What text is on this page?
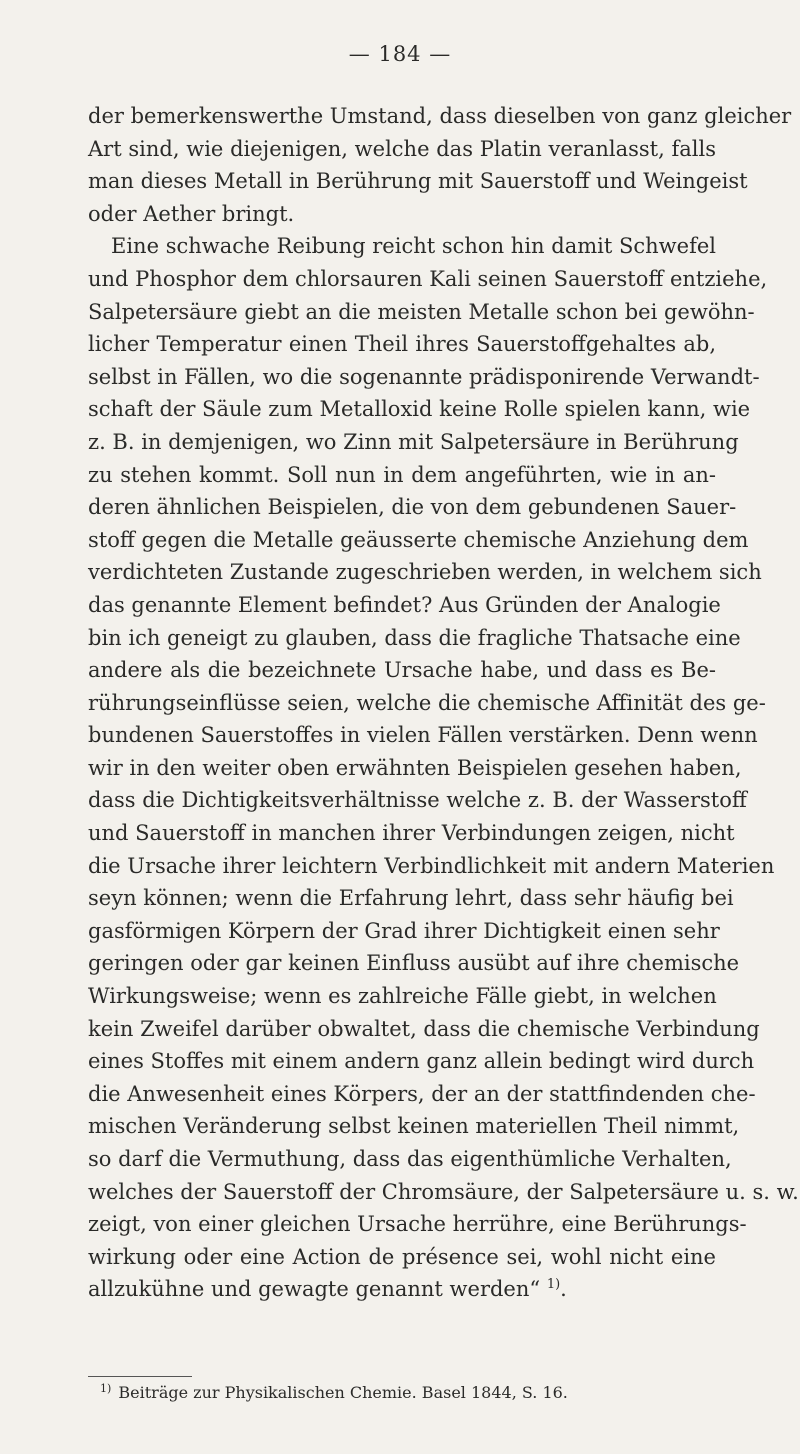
— 184 —
der bemerkenswerthe Umstand, dass dieselben von ganz gleicher
Art sind, wie diejenigen, welche das Platin veranlasst, falls
man dieses Metall in Berührung mit Sauerstoff und Weingeist
oder Aether bringt.
Eine schwache Reibung reicht schon hin damit Schwefel
und Phosphor dem chlorsauren Kali seinen Sauerstoff entziehe,
Salpetersäure giebt an die meisten Metalle schon bei gewöhn-
licher Temperatur einen Theil ihres Sauerstoffgehaltes ab,
selbst in Fällen, wo die sogenannte prädisponirende Verwandt-
schaft der Säule zum Metalloxid keine Rolle spielen kann, wie
z. B. in demjenigen, wo Zinn mit Salpetersäure in Berührung
zu stehen kommt. Soll nun in dem angeführten, wie in an-
deren ähnlichen Beispielen, die von dem gebundenen Sauer-
stoff gegen die Metalle geäusserte chemische Anziehung dem
verdichteten Zustande zugeschrieben werden, in welchem sich
das genannte Element befindet? Aus Gründen der Analogie
bin ich geneigt zu glauben, dass die fragliche Thatsache eine
andere als die bezeichnete Ursache habe, und dass es Be-
rührungseinflüsse seien, welche die chemische Affinität des ge-
bundenen Sauerstoffes in vielen Fällen verstärken. Denn wenn
wir in den weiter oben erwähnten Beispielen gesehen haben,
dass die Dichtigkeitsverhältnisse welche z. B. der Wasserstoff
und Sauerstoff in manchen ihrer Verbindungen zeigen, nicht
die Ursache ihrer leichtern Verbindlichkeit mit andern Materien
seyn können; wenn die Erfahrung lehrt, dass sehr häufig bei
gasförmigen Körpern der Grad ihrer Dichtigkeit einen sehr
geringen oder gar keinen Einfluss ausübt auf ihre chemische
Wirkungsweise; wenn es zahlreiche Fälle giebt, in welchen
kein Zweifel darüber obwaltet, dass die chemische Verbindung
eines Stoffes mit einem andern ganz allein bedingt wird durch
die Anwesenheit eines Körpers, der an der stattfindenden che-
mischen Veränderung selbst keinen materiellen Theil nimmt,
so darf die Vermuthung, dass das eigenthümliche Verhalten,
welches der Sauerstoff der Chromsäure, der Salpetersäure u. s. w.
zeigt, von einer gleichen Ursache herrühre, eine Berührungs-
wirkung oder eine Action de présence sei, wohl nicht eine
allzukühne und gewagte genannt werden“ $^{1)}$.
$^{1)}$ Beiträge zur Physikalischen Chemie. Basel 1844, S. 16.
